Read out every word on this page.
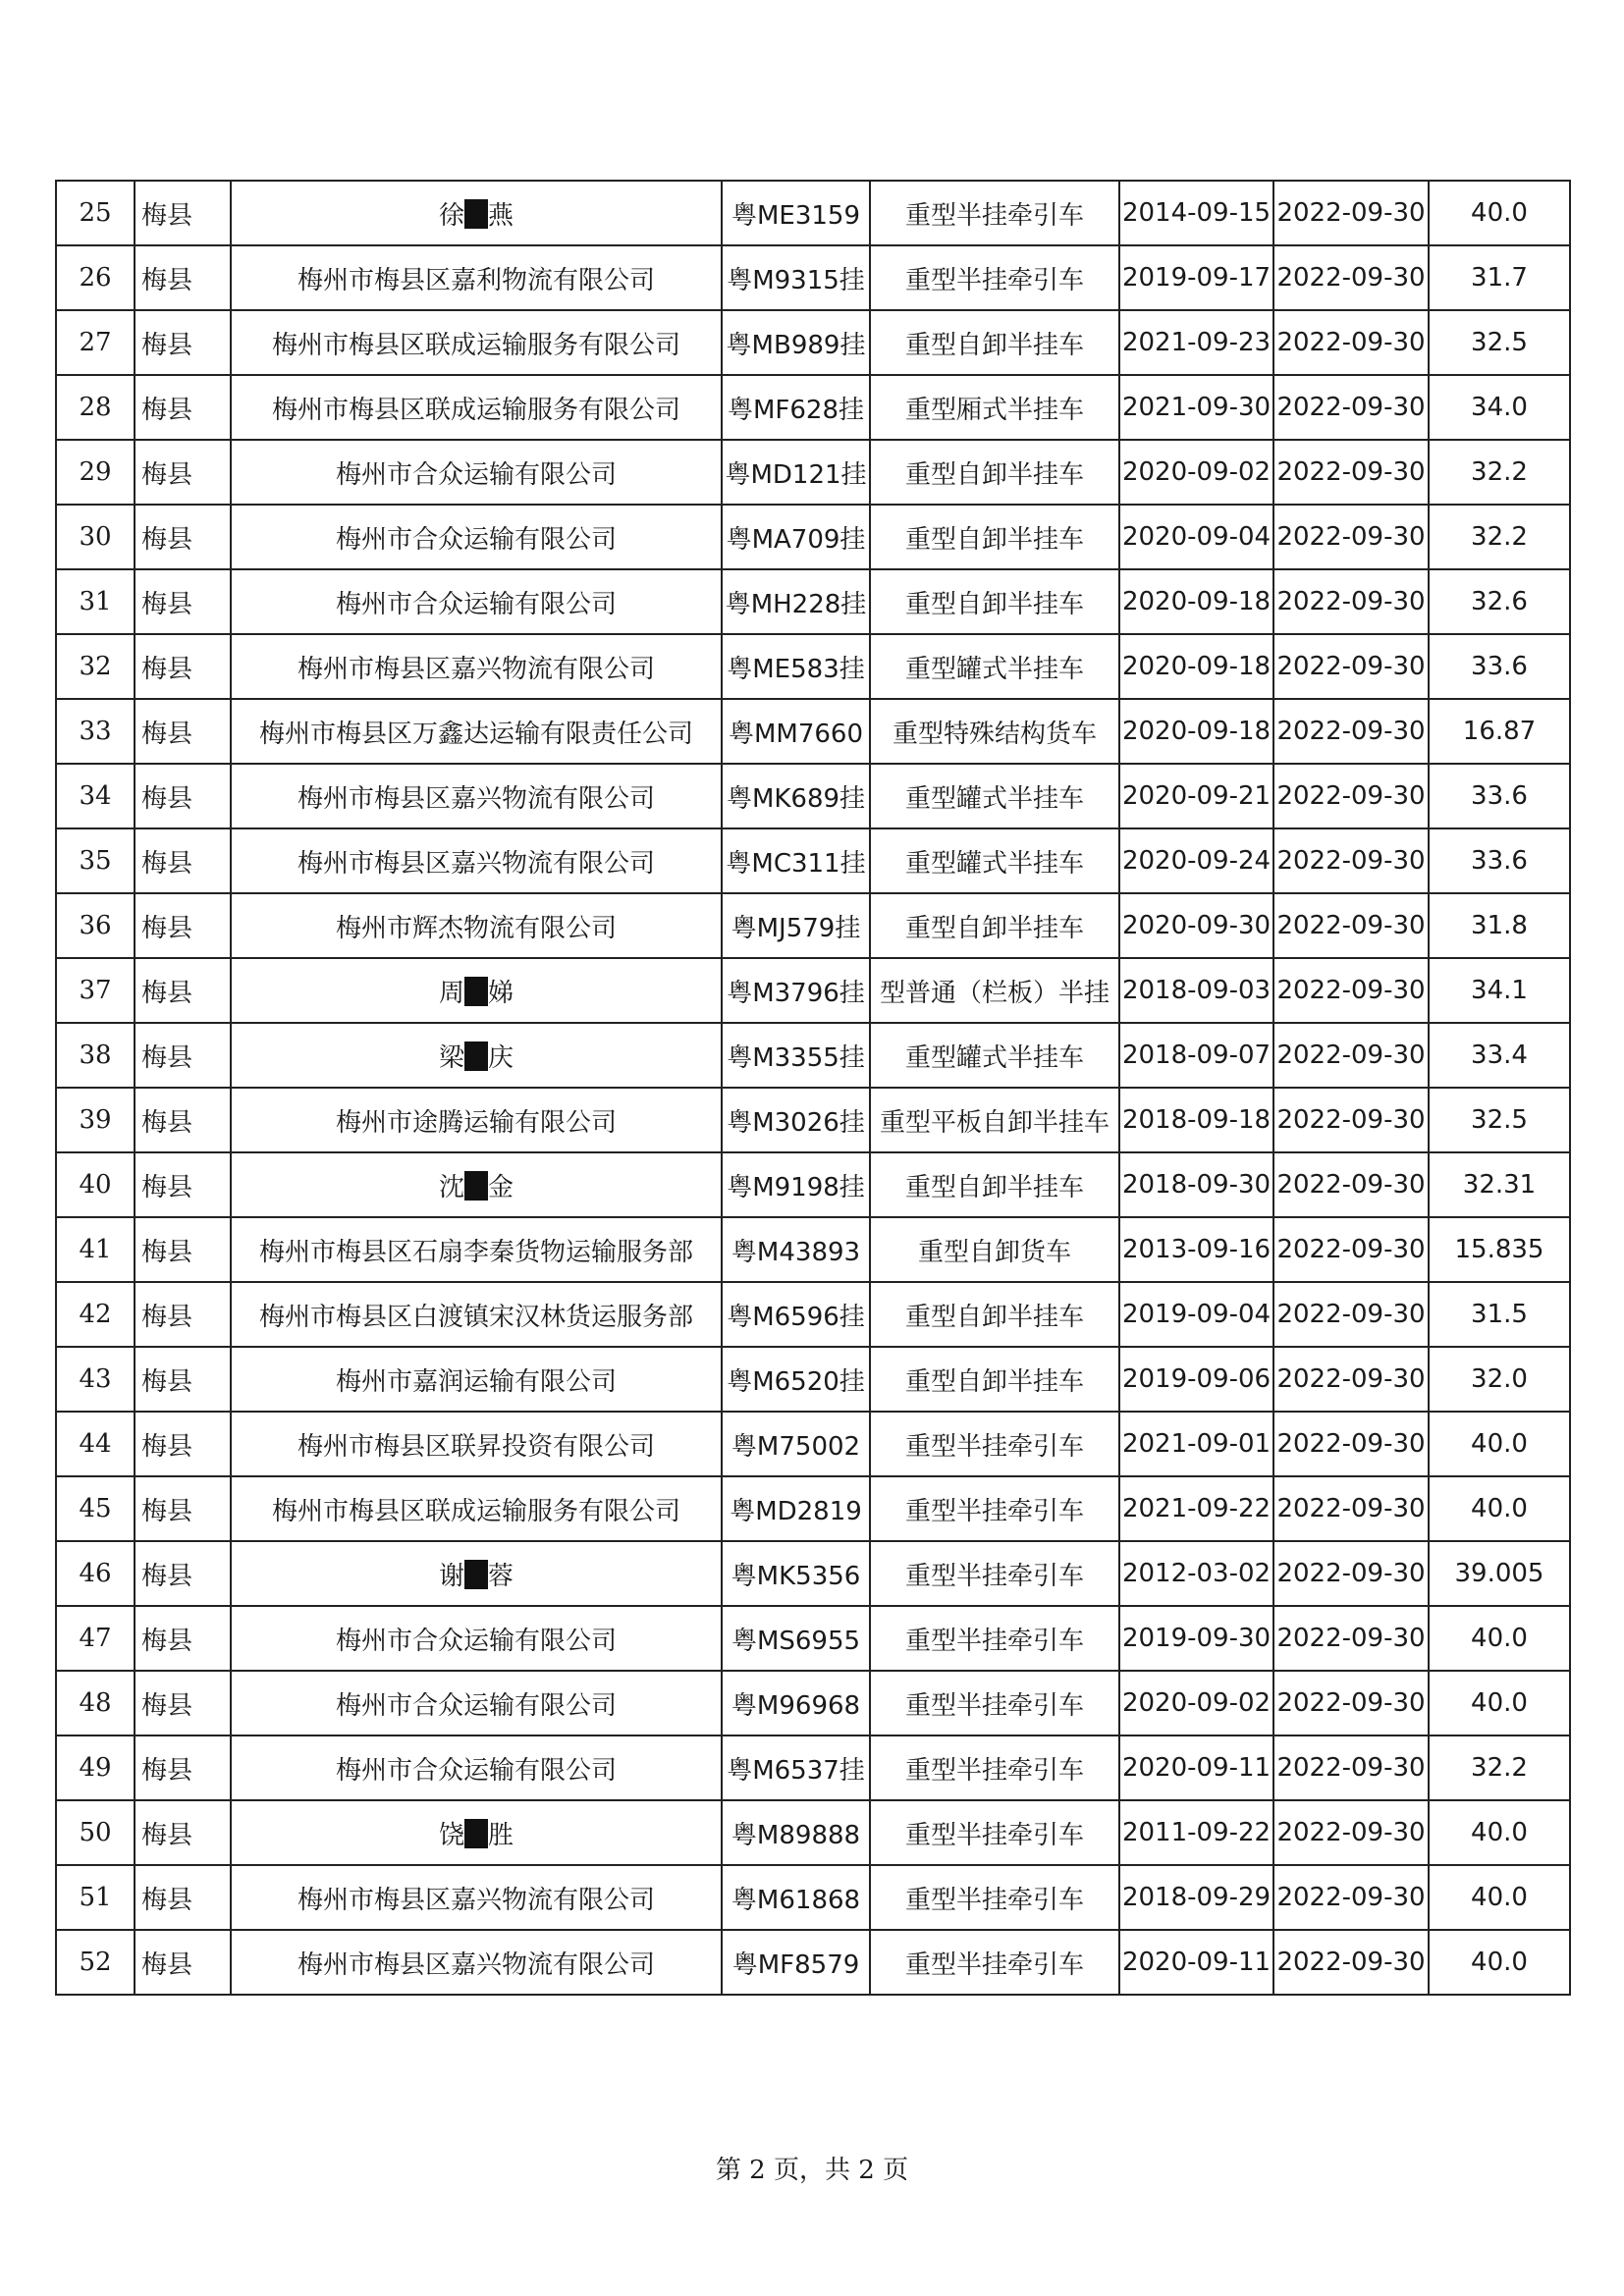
25	梅县	徐 燕	粤ME3159	重型半挂牵引车	2014-09-15	2022-09-30	40.0
26	梅县	梅州市梅县区嘉利物流有限公司	粤M9315挂	重型半挂牵引车	2019-09-17	2022-09-30	31.7
27	梅县	梅州市梅县区联成运输服务有限公司	粤MB989挂	重型自卸半挂车	2021-09-23	2022-09-30	32.5
28	梅县	梅州市梅县区联成运输服务有限公司	粤MF628挂	重型厢式半挂车	2021-09-30	2022-09-30	34.0
29	梅县	梅州市合众运输有限公司	粤MD121挂	重型自卸半挂车	2020-09-02	2022-09-30	32.2
30	梅县	梅州市合众运输有限公司	粤MA709挂	重型自卸半挂车	2020-09-04	2022-09-30	32.2
31	梅县	梅州市合众运输有限公司	粤MH228挂	重型自卸半挂车	2020-09-18	2022-09-30	32.6
32	梅县	梅州市梅县区嘉兴物流有限公司	粤ME583挂	重型罐式半挂车	2020-09-18	2022-09-30	33.6
33	梅县	梅州市梅县区万鑫达运输有限责任公司	粤MM7660	重型特殊结构货车	2020-09-18	2022-09-30	16.87
34	梅县	梅州市梅县区嘉兴物流有限公司	粤MK689挂	重型罐式半挂车	2020-09-21	2022-09-30	33.6
35	梅县	梅州市梅县区嘉兴物流有限公司	粤MC311挂	重型罐式半挂车	2020-09-24	2022-09-30	33.6
36	梅县	梅州市辉杰物流有限公司	粤MJ579挂	重型自卸半挂车	2020-09-30	2022-09-30	31.8
37	梅县	周 娣	粤M3796挂	型普通（栏板）半挂	2018-09-03	2022-09-30	34.1
38	梅县	梁 庆	粤M3355挂	重型罐式半挂车	2018-09-07	2022-09-30	33.4
39	梅县	梅州市途腾运输有限公司	粤M3026挂	重型平板自卸半挂车	2018-09-18	2022-09-30	32.5
40	梅县	沈 金	粤M9198挂	重型自卸半挂车	2018-09-30	2022-09-30	32.31
41	梅县	梅州市梅县区石扇李秦货物运输服务部	粤M43893	重型自卸货车	2013-09-16	2022-09-30	15.835
42	梅县	梅州市梅县区白渡镇宋汉林货运服务部	粤M6596挂	重型自卸半挂车	2019-09-04	2022-09-30	31.5
43	梅县	梅州市嘉润运输有限公司	粤M6520挂	重型自卸半挂车	2019-09-06	2022-09-30	32.0
44	梅县	梅州市梅县区联昇投资有限公司	粤M75002	重型半挂牵引车	2021-09-01	2022-09-30	40.0
45	梅县	梅州市梅县区联成运输服务有限公司	粤MD2819	重型半挂牵引车	2021-09-22	2022-09-30	40.0
46	梅县	谢 蓉	粤MK5356	重型半挂牵引车	2012-03-02	2022-09-30	39.005
47	梅县	梅州市合众运输有限公司	粤MS6955	重型半挂牵引车	2019-09-30	2022-09-30	40.0
48	梅县	梅州市合众运输有限公司	粤M96968	重型半挂牵引车	2020-09-02	2022-09-30	40.0
49	梅县	梅州市合众运输有限公司	粤M6537挂	重型半挂牵引车	2020-09-11	2022-09-30	32.2
50	梅县	饶 胜	粤M89888	重型半挂牵引车	2011-09-22	2022-09-30	40.0
51	梅县	梅州市梅县区嘉兴物流有限公司	粤M61868	重型半挂牵引车	2018-09-29	2022-09-30	40.0
52	梅县	梅州市梅县区嘉兴物流有限公司	粤MF8579	重型半挂牵引车	2020-09-11	2022-09-30	40.0
第 2 页，共 2 页
